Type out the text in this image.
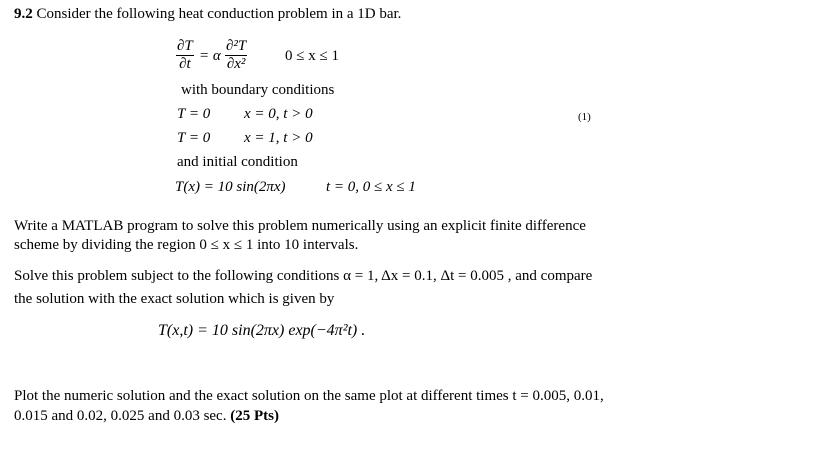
9.2 Consider the following heat conduction problem in a 1D bar.
∂T
∂t = α
∂²T
∂x²	0 ≤ x ≤ 1
with boundary conditions
T = 0 x = 0, t > 0
T = 0 x = 1, t > 0
(1)
and initial condition
T(x) = 10 sin(2πx)	t = 0, 0 ≤ x ≤ 1
Write a MATLAB program to solve this problem numerically using an explicit finite difference
scheme by dividing the region 0 ≤ x ≤ 1 into 10 intervals.
Solve this problem subject to the following conditions α = 1, Δx = 0.1, Δt = 0.005 , and compare
the solution with the exact solution which is given by
T(x,t) = 10 sin(2πx) exp(−4π²t) .
Plot the numeric solution and the exact solution on the same plot at different times t = 0.005, 0.01,
0.015 and 0.02, 0.025 and 0.03 sec. (25 Pts)
